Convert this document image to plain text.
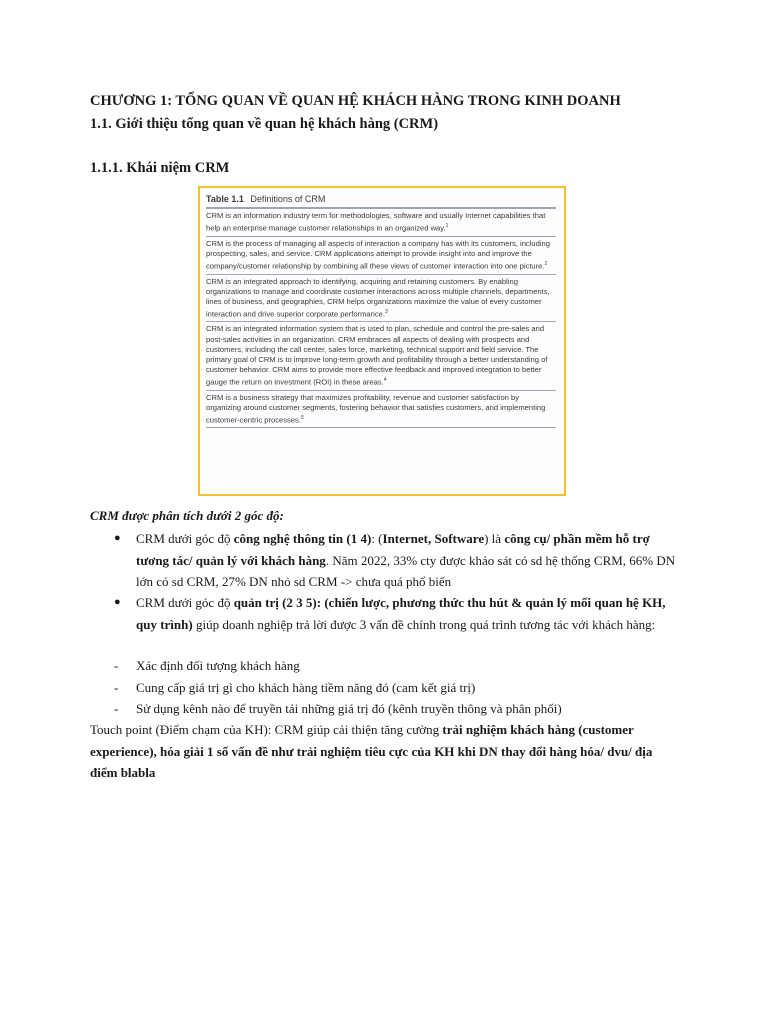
CHƯƠNG 1: TỔNG QUAN VỀ QUAN HỆ KHÁCH HÀNG TRONG KINH DOANH
1.1. Giới thiệu tổng quan về quan hệ khách hàng (CRM)
1.1.1. Khái niệm CRM
Table 1.1 Definitions of CRM
CRM is an information industry term for methodologies, software and usually Internet capabilities that help an enterprise manage customer relationships in an organized way.$^1$
CRM is the process of managing all aspects of interaction a company has with its customers, including prospecting, sales, and service. CRM applications attempt to provide insight into and improve the company/customer relationship by combining all these views of customer interaction into one picture.$^2$
CRM is an integrated approach to identifying, acquiring and retaining customers. By enabling organizations to manage and coordinate customer interactions across multiple channels, departments, lines of business, and geographies, CRM helps organizations maximize the value of every customer interaction and drive superior corporate performance.$^3$
CRM is an integrated information system that is used to plan, schedule and control the pre-sales and post-sales activities in an organization. CRM embraces all aspects of dealing with prospects and customers, including the call center, sales force, marketing, technical support and field service. The primary goal of CRM is to improve long-term growth and profitability through a better understanding of customer behavior. CRM aims to provide more effective feedback and improved integration to better gauge the return on investment (ROI) in these areas.$^4$
CRM is a business strategy that maximizes profitability, revenue and customer satisfaction by organizing around customer segments, fostering behavior that satisfies customers, and implementing customer-centric processes.$^5$
CRM được phân tích dưới 2 góc độ:
● CRM dưới góc độ công nghệ thông tin (1 4): (Internet, Software) là công cụ/ phần mềm hỗ trợ tương tác/ quản lý với khách hàng. Năm 2022, 33% cty được khảo sát có sd hệ thống CRM, 66% DN lớn có sd CRM, 27% DN nhỏ sd CRM -> chưa quá phổ biến
● CRM dưới góc độ quản trị (2 3 5): (chiến lược, phương thức thu hút & quản lý mối quan hệ KH, quy trình) giúp doanh nghiệp trả lời được 3 vấn đề chính trong quá trình tương tác với khách hàng:
- Xác định đối tượng khách hàng
- Cung cấp giá trị gì cho khách hàng tiềm năng đó (cam kết giá trị)
- Sử dụng kênh nào để truyền tải những giá trị đó (kênh truyền thông và phân phối)
Touch point (Điểm chạm của KH): CRM giúp cải thiện tăng cường trải nghiệm khách hàng (customer experience), hóa giải 1 số vấn đề như trải nghiệm tiêu cực của KH khi DN thay đổi hàng hóa/ dvu/ địa điểm blabla
